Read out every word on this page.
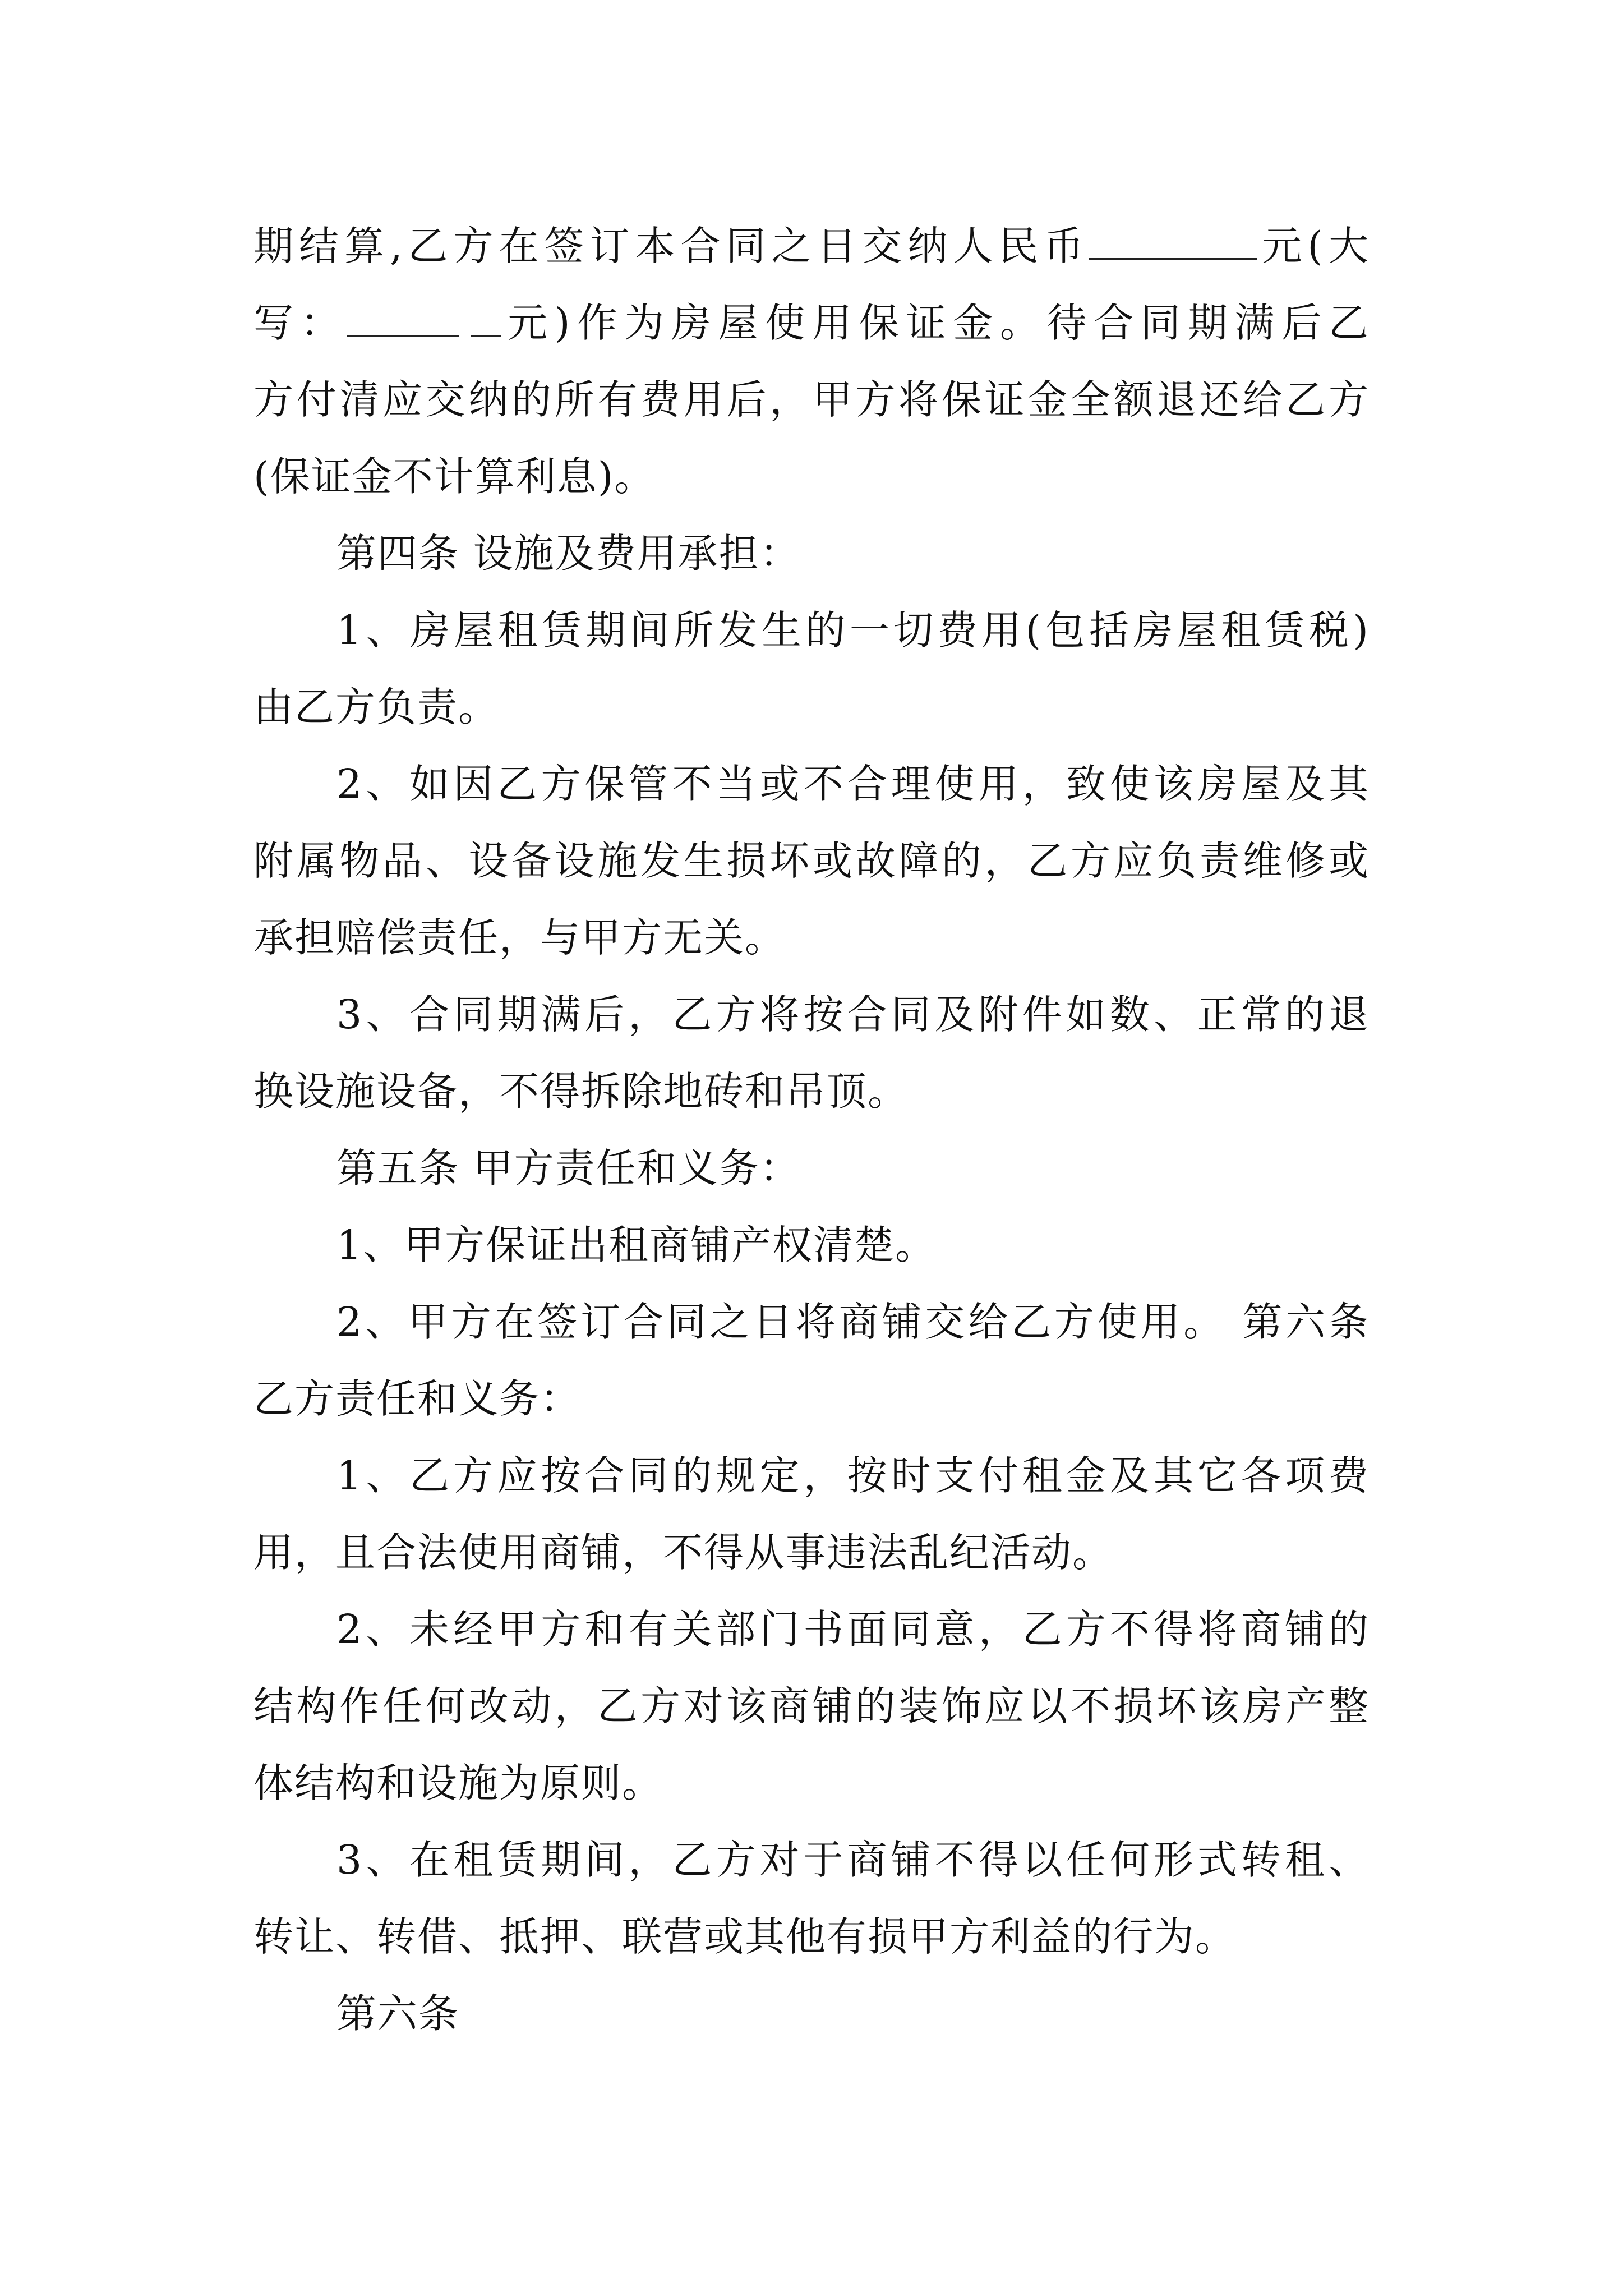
期结算,乙方在签订本合同之日交纳人民币	元(大
写：	元)作为房屋使用保证金。待合同期满后乙
方付清应交纳的所有费用后，甲方将保证金全额退还给乙方
(保证金不计算利息)。
第四条 设施及费用承担：
1、房屋租赁期间所发生的一切费用(包括房屋租赁税)
由乙方负责。
2、如因乙方保管不当或不合理使用，致使该房屋及其
附属物品、设备设施发生损坏或故障的，乙方应负责维修或
承担赔偿责任，与甲方无关。
3、合同期满后，乙方将按合同及附件如数、正常的退
换设施设备，不得拆除地砖和吊顶。
第五条 甲方责任和义务：
1、甲方保证出租商铺产权清楚。
2、甲方在签订合同之日将商铺交给乙方使用。 第六条
乙方责任和义务：
1、乙方应按合同的规定，按时支付租金及其它各项费
用，且合法使用商铺，不得从事违法乱纪活动。
2、未经甲方和有关部门书面同意，乙方不得将商铺的
结构作任何改动，乙方对该商铺的装饰应以不损坏该房产整
体结构和设施为原则。
3、在租赁期间，乙方对于商铺不得以任何形式转租、
转让、转借、抵押、联营或其他有损甲方利益的行为。
第六条
